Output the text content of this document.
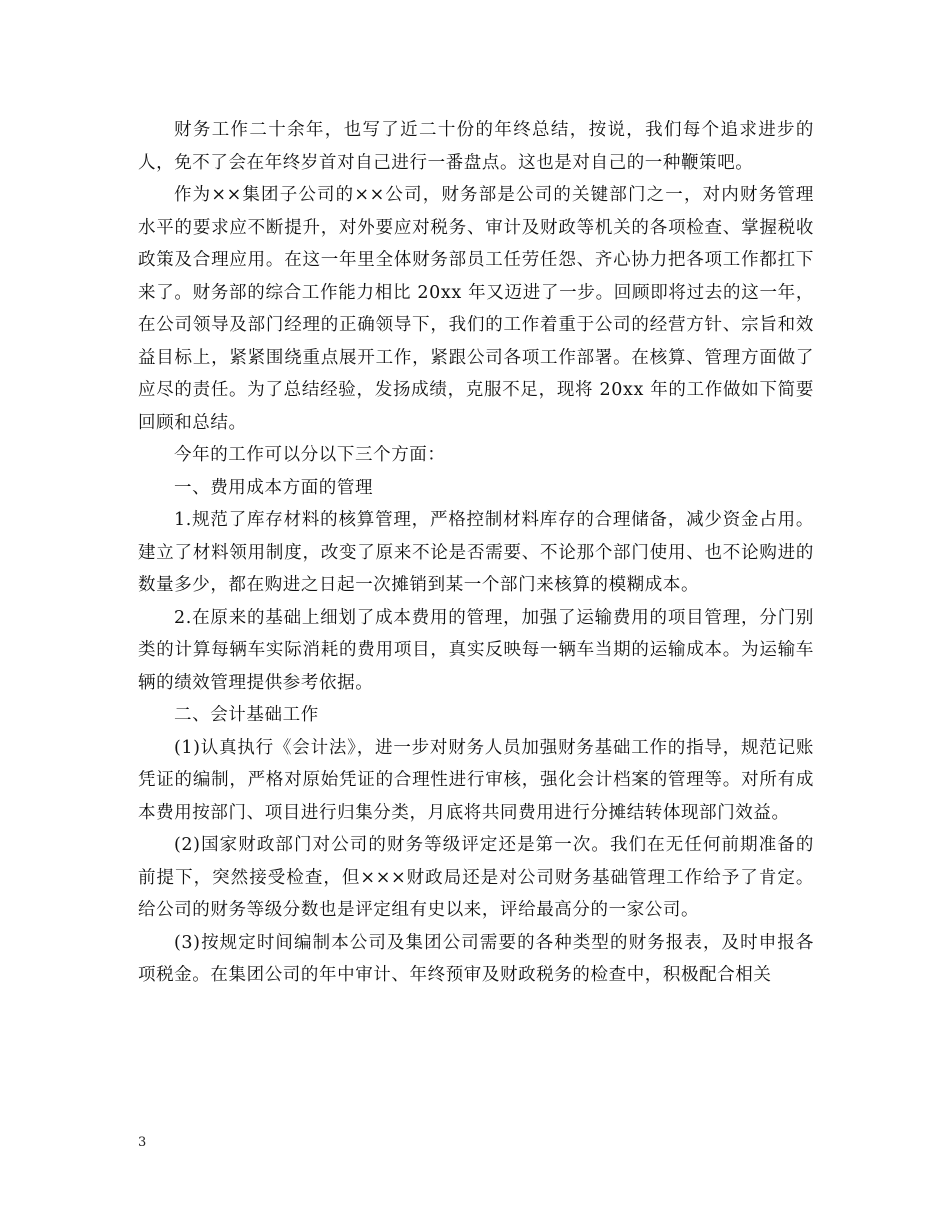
财务工作二十余年，也写了近二十份的年终总结，按说，我们每个追求进步的人，免不了会在年终岁首对自己进行一番盘点。这也是对自己的一种鞭策吧。

作为××集团子公司的××公司，财务部是公司的关键部门之一，对内财务管理水平的要求应不断提升，对外要应对税务、审计及财政等机关的各项检查、掌握税收政策及合理应用。在这一年里全体财务部员工任劳任怨、齐心协力把各项工作都扛下来了。财务部的综合工作能力相比 20xx 年又迈进了一步。回顾即将过去的这一年，在公司领导及部门经理的正确领导下，我们的工作着重于公司的经营方针、宗旨和效益目标上，紧紧围绕重点展开工作，紧跟公司各项工作部署。在核算、管理方面做了应尽的责任。为了总结经验，发扬成绩，克服不足，现将 20xx 年的工作做如下简要回顾和总结。

今年的工作可以分以下三个方面：

一、费用成本方面的管理

1.规范了库存材料的核算管理，严格控制材料库存的合理储备，减少资金占用。建立了材料领用制度，改变了原来不论是否需要、不论那个部门使用、也不论购进的数量多少，都在购进之日起一次摊销到某一个部门来核算的模糊成本。

2.在原来的基础上细划了成本费用的管理，加强了运输费用的项目管理，分门别类的计算每辆车实际消耗的费用项目，真实反映每一辆车当期的运输成本。为运输车辆的绩效管理提供参考依据。

二、会计基础工作

(1)认真执行《会计法》，进一步对财务人员加强财务基础工作的指导，规范记账凭证的编制，严格对原始凭证的合理性进行审核，强化会计档案的管理等。对所有成本费用按部门、项目进行归集分类，月底将共同费用进行分摊结转体现部门效益。

(2)国家财政部门对公司的财务等级评定还是第一次。我们在无任何前期准备的前提下，突然接受检查，但×××财政局还是对公司财务基础管理工作给予了肯定。给公司的财务等级分数也是评定组有史以来，评给最高分的一家公司。

(3)按规定时间编制本公司及集团公司需要的各种类型的财务报表，及时申报各项税金。在集团公司的年中审计、年终预审及财政税务的检查中，积极配合相关

3
